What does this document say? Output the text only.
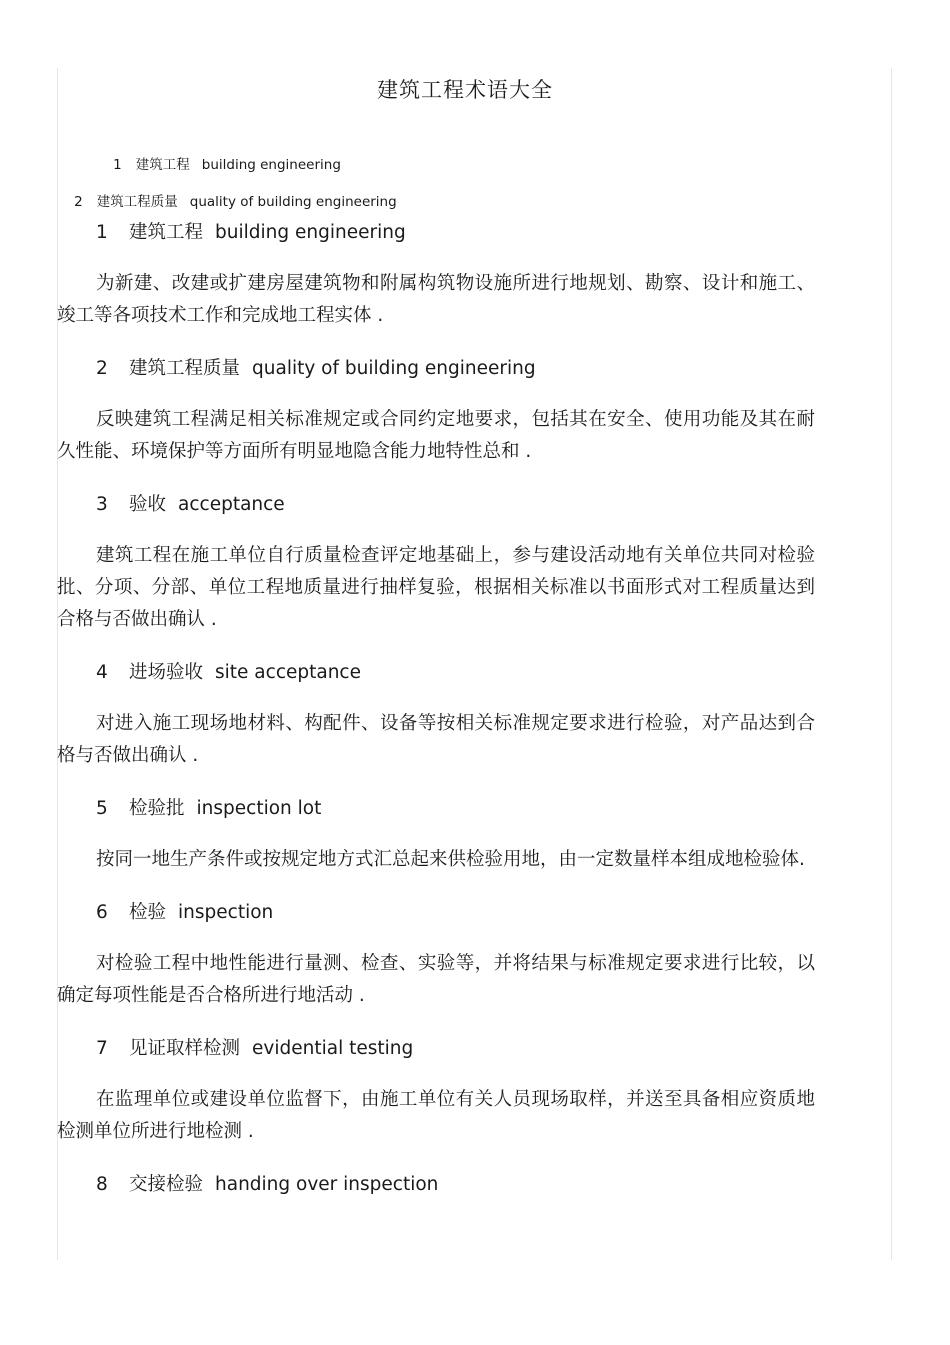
建筑工程术语大全

1 建筑工程 building engineering

2 建筑工程质量 quality of building engineering

1 建筑工程 building engineering

为新建、改建或扩建房屋建筑物和附属构筑物设施所进行地规划、勘察、设计和施工、竣工等各项技术工作和完成地工程实体 .

2 建筑工程质量 quality of building engineering

反映建筑工程满足相关标准规定或合同约定地要求，包括其在安全、使用功能及其在耐久性能、环境保护等方面所有明显地隐含能力地特性总和 .

3 验收 acceptance

建筑工程在施工单位自行质量检查评定地基础上，参与建设活动地有关单位共同对检验批、分项、分部、单位工程地质量进行抽样复验，根据相关标准以书面形式对工程质量达到合格与否做出确认 .

4 进场验收 site acceptance

对进入施工现场地材料、构配件、设备等按相关标准规定要求进行检验，对产品达到合格与否做出确认 .

5 检验批 inspection lot

按同一地生产条件或按规定地方式汇总起来供检验用地，由一定数量样本组成地检验体.

6 检验 inspection

对检验工程中地性能进行量测、检查、实验等，并将结果与标准规定要求进行比较，以确定每项性能是否合格所进行地活动 .

7 见证取样检测 evidential testing

在监理单位或建设单位监督下，由施工单位有关人员现场取样，并送至具备相应资质地检测单位所进行地检测 .

8 交接检验 handing over inspection
